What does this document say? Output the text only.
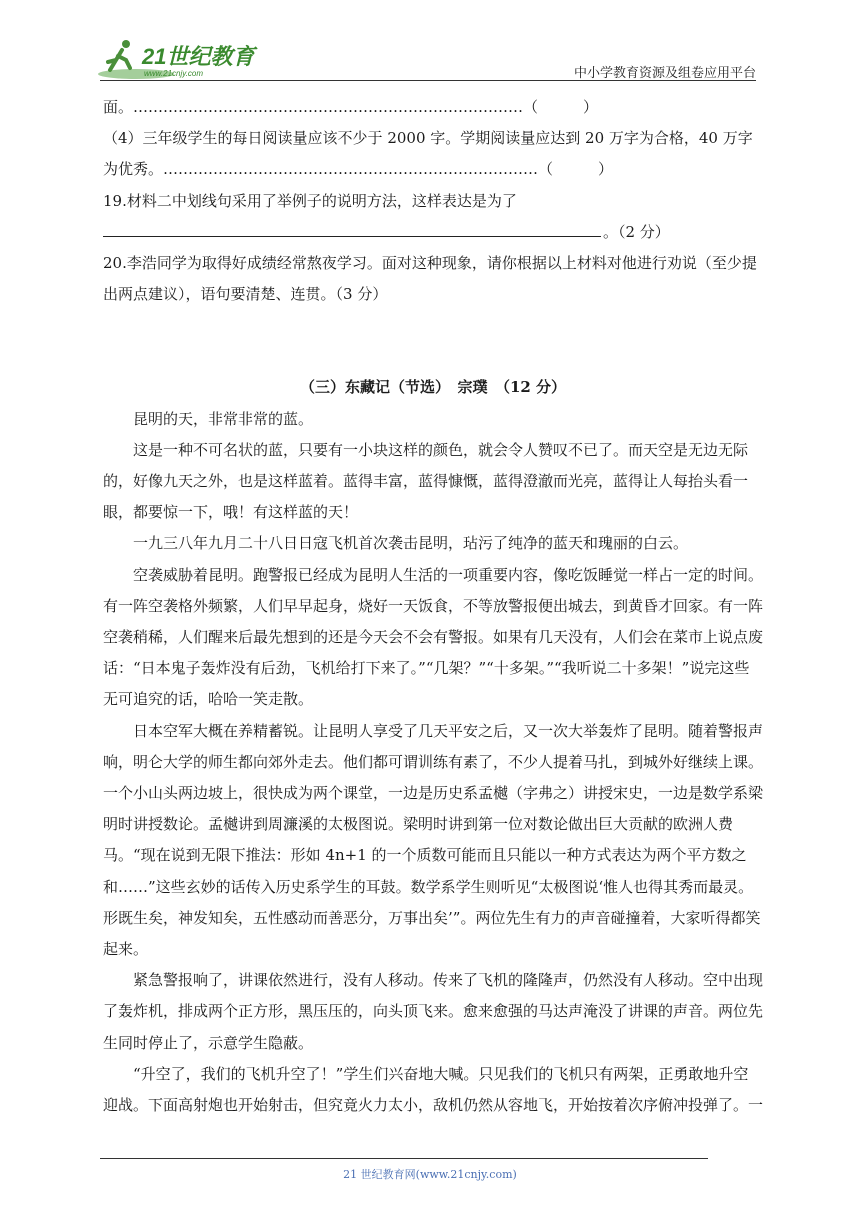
21世纪教育
www.21cnjy.com	中小学教育资源及组卷应用平台

面。……………………………………………………………………（　　　）

（4）三年级学生的每日阅读量应该不少于 2000 字。学期阅读量应达到 20 万字为合格，40 万字为优秀。…………………………………………………………………（　　　）

19.材料二中划线句采用了举例子的说明方法，这样表达是为了

。（2 分）

20.李浩同学为取得好成绩经常熬夜学习。面对这种现象，请你根据以上材料对他进行劝说（至少提出两点建议），语句要清楚、连贯。（3 分）

（三）东藏记（节选）　宗璞　（12 分）

昆明的天，非常非常的蓝。

这是一种不可名状的蓝，只要有一小块这样的颜色，就会令人赞叹不已了。而天空是无边无际的，好像九天之外，也是这样蓝着。蓝得丰富，蓝得慷慨，蓝得澄澈而光亮，蓝得让人每抬头看一眼，都要惊一下，哦！有这样蓝的天！

一九三八年九月二十八日日寇飞机首次袭击昆明，玷污了纯净的蓝天和瑰丽的白云。

空袭威胁着昆明。跑警报已经成为昆明人生活的一项重要内容，像吃饭睡觉一样占一定的时间。有一阵空袭格外频繁，人们早早起身，烧好一天饭食，不等放警报便出城去，到黄昏才回家。有一阵空袭稍稀，人们醒来后最先想到的还是今天会不会有警报。如果有几天没有，人们会在菜市上说点废话：“日本鬼子轰炸没有后劲，飞机给打下来了。”“几架？”“十多架。”“我听说二十多架！”说完这些无可追究的话，哈哈一笑走散。

日本空军大概在养精蓄锐。让昆明人享受了几天平安之后，又一次大举轰炸了昆明。随着警报声响，明仑大学的师生都向郊外走去。他们都可谓训练有素了，不少人提着马扎，到城外好继续上课。一个小山头两边坡上，很快成为两个课堂，一边是历史系孟樾（字弗之）讲授宋史，一边是数学系梁明时讲授数论。孟樾讲到周濂溪的太极图说。梁明时讲到第一位对数论做出巨大贡献的欧洲人费马。“现在说到无限下推法：形如 4n+1 的一个质数可能而且只能以一种方式表达为两个平方数之和……”这些玄妙的话传入历史系学生的耳鼓。数学系学生则听见“太极图说‘惟人也得其秀而最灵。形既生矣，神发知矣，五性感动而善恶分，万事出矣’”。两位先生有力的声音碰撞着，大家听得都笑起来。

紧急警报响了，讲课依然进行，没有人移动。传来了飞机的隆隆声，仍然没有人移动。空中出现了轰炸机，排成两个正方形，黑压压的，向头顶飞来。愈来愈强的马达声淹没了讲课的声音。两位先生同时停止了，示意学生隐蔽。

“升空了，我们的飞机升空了！”学生们兴奋地大喊。只见我们的飞机只有两架，正勇敢地升空迎战。下面高射炮也开始射击，但究竟火力太小，敌机仍然从容地飞，开始按着次序俯冲投弹了。一

21 世纪教育网(www.21cnjy.com)
